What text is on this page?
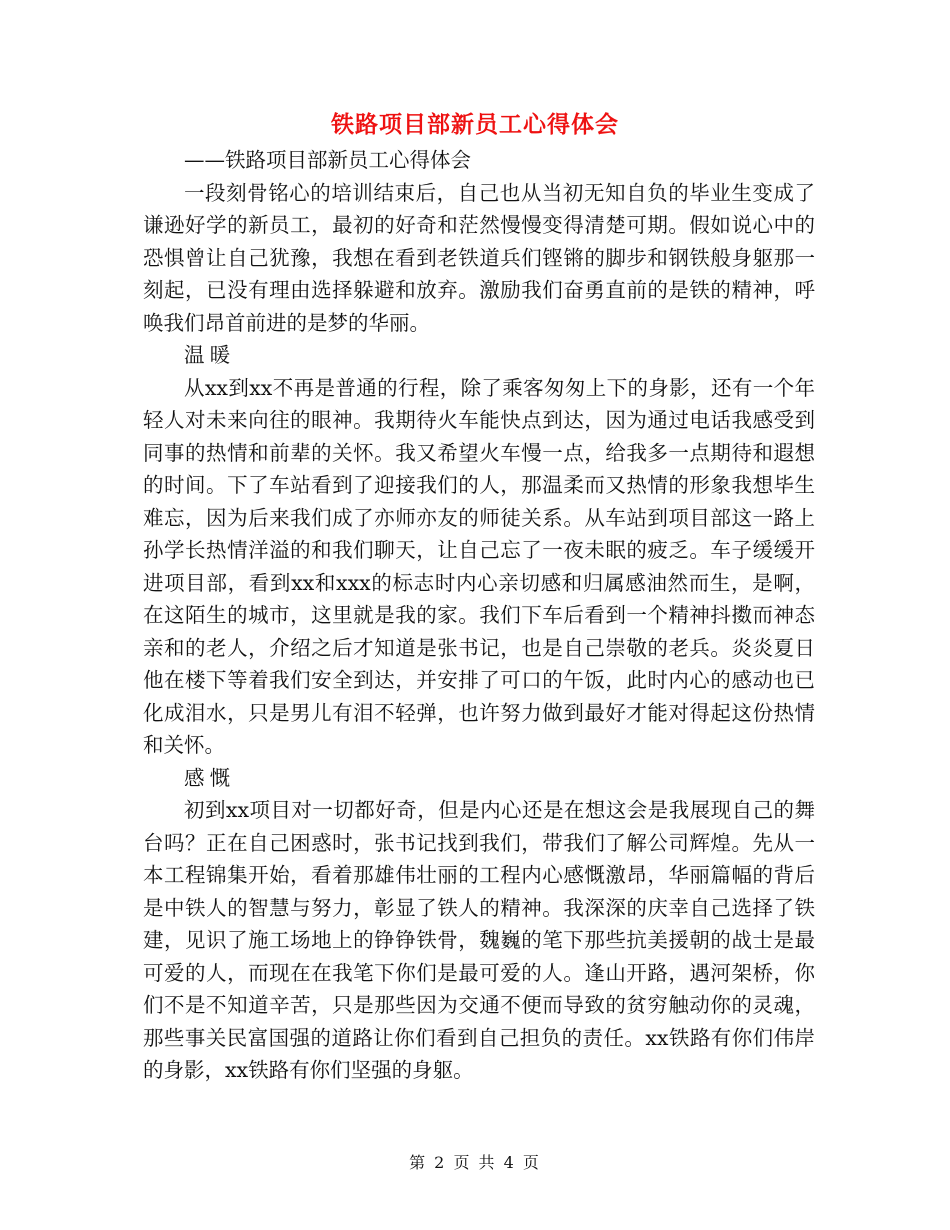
铁路项目部新员工心得体会

——铁路项目部新员工心得体会

一段刻骨铭心的培训结束后，自己也从当初无知自负的毕业生变成了谦逊好学的新员工，最初的好奇和茫然慢慢变得清楚可期。假如说心中的恐惧曾让自己犹豫，我想在看到老铁道兵们铿锵的脚步和钢铁般身躯那一刻起，已没有理由选择躲避和放弃。激励我们奋勇直前的是铁的精神，呼唤我们昂首前进的是梦的华丽。

温暖

从xx到xx不再是普通的行程，除了乘客匆匆上下的身影，还有一个年轻人对未来向往的眼神。我期待火车能快点到达，因为通过电话我感受到同事的热情和前辈的关怀。我又希望火车慢一点，给我多一点期待和遐想的时间。下了车站看到了迎接我们的人，那温柔而又热情的形象我想毕生难忘，因为后来我们成了亦师亦友的师徒关系。从车站到项目部这一路上孙学长热情洋溢的和我们聊天，让自己忘了一夜未眠的疲乏。车子缓缓开进项目部，看到xx和xxx的标志时内心亲切感和归属感油然而生，是啊，在这陌生的城市，这里就是我的家。我们下车后看到一个精神抖擞而神态亲和的老人，介绍之后才知道是张书记，也是自己崇敬的老兵。炎炎夏日他在楼下等着我们安全到达，并安排了可口的午饭，此时内心的感动也已化成泪水，只是男儿有泪不轻弹，也许努力做到最好才能对得起这份热情和关怀。

感慨

初到xx项目对一切都好奇，但是内心还是在想这会是我展现自己的舞台吗？正在自己困惑时，张书记找到我们，带我们了解公司辉煌。先从一本工程锦集开始，看着那雄伟壮丽的工程内心感慨激昂，华丽篇幅的背后是中铁人的智慧与努力，彰显了铁人的精神。我深深的庆幸自己选择了铁建，见识了施工场地上的铮铮铁骨，魏巍的笔下那些抗美援朝的战士是最可爱的人，而现在在我笔下你们是最可爱的人。逢山开路，遇河架桥，你们不是不知道辛苦，只是那些因为交通不便而导致的贫穷触动你的灵魂，那些事关民富国强的道路让你们看到自己担负的责任。xx铁路有你们伟岸的身影，xx铁路有你们坚强的身躯。

第 2 页 共 4 页
